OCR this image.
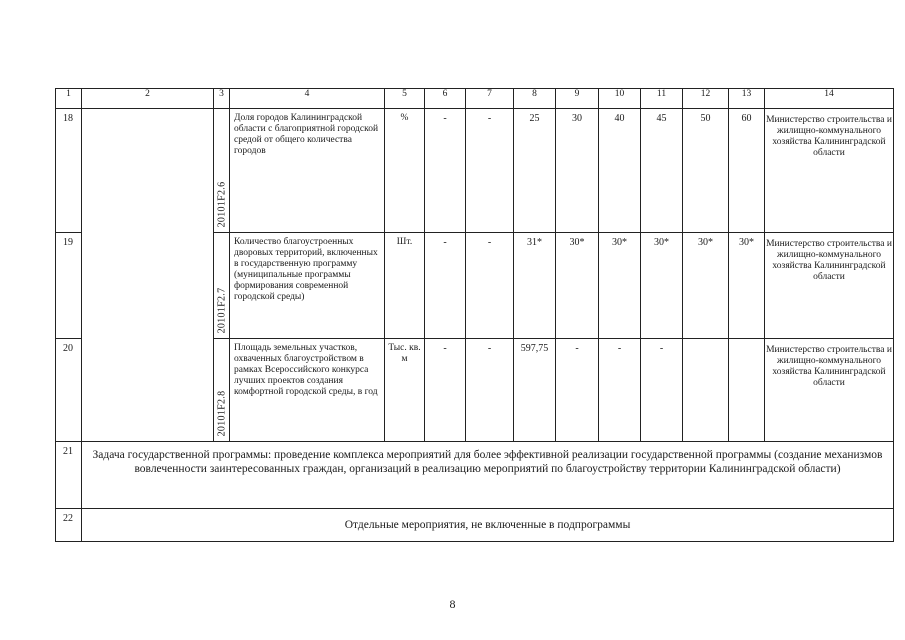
1	2	3	4	5	6	7	8	9	10	11	12	13	14
18		20101F2.6	Доля городов Калининградской области с благоприятной городской средой от общего количества городов	%	-	-	25	30	40	45	50	60	Министерство строительства и жилищно-коммунального хозяйства Калининградской области
19		20101F2.7	Количество благоустроенных дворовых территорий, включенных в государственную программу (муниципальные программы формирования современной городской среды)	Шт.	-	-	31*	30*	30*	30*	30*	30*	Министерство строительства и жилищно-коммунального хозяйства Калининградской области
20		20101F2.8	Площадь земельных участков, охваченных благоустройством в рамках Всероссийского конкурса лучших проектов создания комфортной городской среды, в год	Тыс. кв. м	-	-	597,75	-	-	-			Министерство строительства и жилищно-коммунального хозяйства Калининградской области
21	Задача государственной программы: проведение комплекса мероприятий для более эффективной реализации государственной программы (создание механизмов вовлеченности заинтересованных граждан, организаций в реализацию мероприятий по благоустройству территории Калининградской области)												
22	Отдельные мероприятия, не включенные в подпрограммы												
8
